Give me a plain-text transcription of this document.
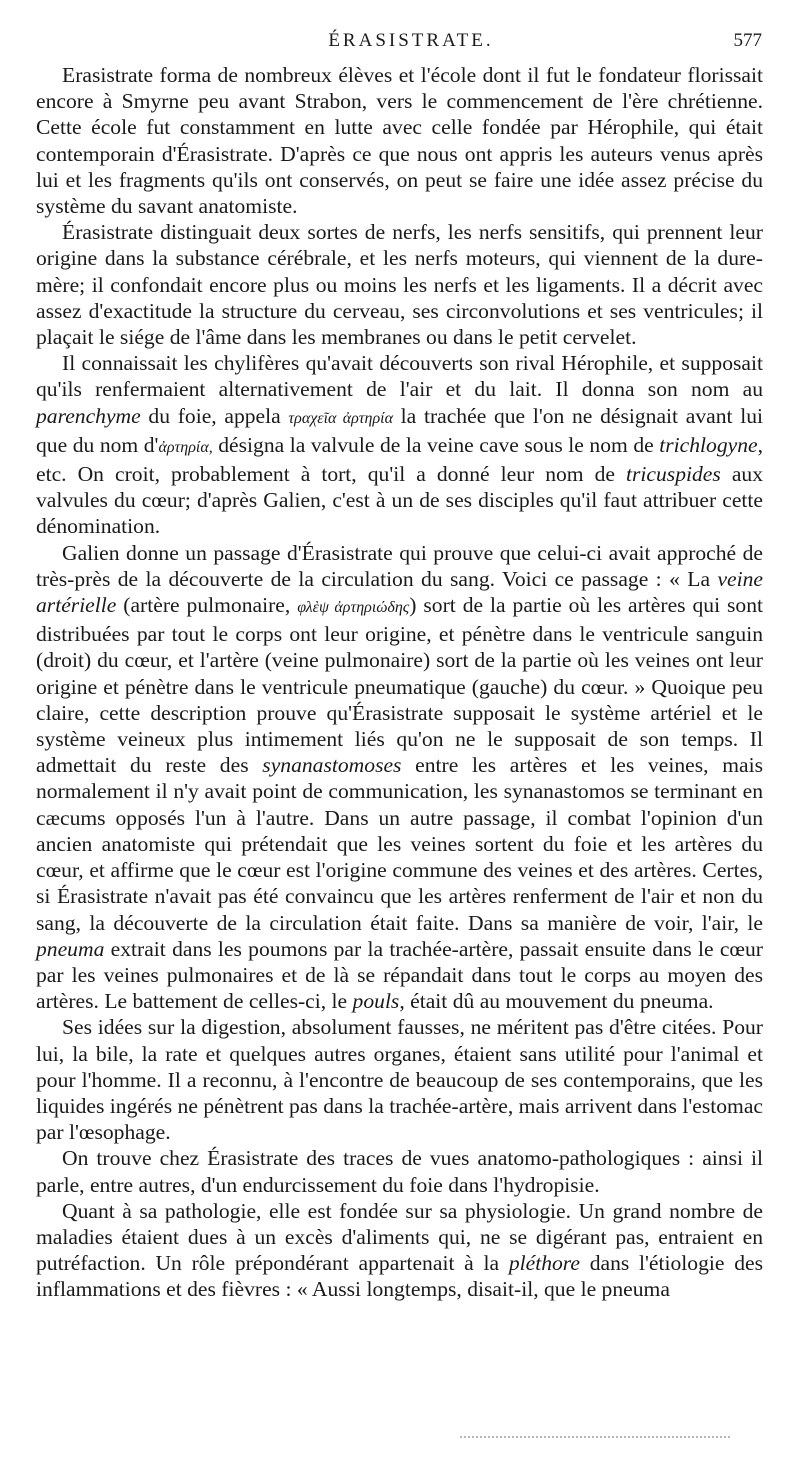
ÉRASISTRATE.	577

Erasistrate forma de nombreux élèves et l'école dont il fut le fondateur florissait encore à Smyrne peu avant Strabon, vers le commencement de l'ère chrétienne. Cette école fut constamment en lutte avec celle fondée par Hérophile, qui était contemporain d'Érasistrate. D'après ce que nous ont appris les auteurs venus après lui et les fragments qu'ils ont conservés, on peut se faire une idée assez précise du système du savant anatomiste.

Érasistrate distinguait deux sortes de nerfs, les nerfs sensitifs, qui prennent leur origine dans la substance cérébrale, et les nerfs moteurs, qui viennent de la dure-mère; il confondait encore plus ou moins les nerfs et les ligaments. Il a décrit avec assez d'exactitude la structure du cerveau, ses circonvolutions et ses ventricules; il plaçait le siége de l'âme dans les membranes ou dans le petit cervelet.

Il connaissait les chylifères qu'avait découverts son rival Hérophile, et supposait qu'ils renfermaient alternativement de l'air et du lait. Il donna son nom au parenchyme du foie, appela τραχεῖα ἀρτηρία la trachée que l'on ne désignait avant lui que du nom d'ἀρτηρία, désigna la valvule de la veine cave sous le nom de trichlogyne, etc. On croit, probablement à tort, qu'il a donné leur nom de tricuspides aux valvules du cœur; d'après Galien, c'est à un de ses disciples qu'il faut attribuer cette dénomination.

Galien donne un passage d'Érasistrate qui prouve que celui-ci avait approché de très-près de la découverte de la circulation du sang. Voici ce passage : « La veine artérielle (artère pulmonaire, φλὲψ ἀρτηριώδης) sort de la partie où les artères qui sont distribuées par tout le corps ont leur origine, et pénètre dans le ventricule sanguin (droit) du cœur, et l'artère (veine pulmonaire) sort de la partie où les veines ont leur origine et pénètre dans le ventricule pneumatique (gauche) du cœur. » Quoique peu claire, cette description prouve qu'Érasistrate supposait le système artériel et le système veineux plus intimement liés qu'on ne le supposait de son temps. Il admettait du reste des synanastomoses entre les artères et les veines, mais normalement il n'y avait point de communication, les synanastomos se terminant en cæcums opposés l'un à l'autre. Dans un autre passage, il combat l'opinion d'un ancien anatomiste qui prétendait que les veines sortent du foie et les artères du cœur, et affirme que le cœur est l'origine commune des veines et des artères. Certes, si Érasistrate n'avait pas été convaincu que les artères renferment de l'air et non du sang, la découverte de la circulation était faite. Dans sa manière de voir, l'air, le pneuma extrait dans les poumons par la trachée-artère, passait ensuite dans le cœur par les veines pulmonaires et de là se répandait dans tout le corps au moyen des artères. Le battement de celles-ci, le pouls, était dû au mouvement du pneuma.

Ses idées sur la digestion, absolument fausses, ne méritent pas d'être citées. Pour lui, la bile, la rate et quelques autres organes, étaient sans utilité pour l'animal et pour l'homme. Il a reconnu, à l'encontre de beaucoup de ses contemporains, que les liquides ingérés ne pénètrent pas dans la trachée-artère, mais arrivent dans l'estomac par l'œsophage.

On trouve chez Érasistrate des traces de vues anatomo-pathologiques : ainsi il parle, entre autres, d'un endurcissement du foie dans l'hydropisie.

Quant à sa pathologie, elle est fondée sur sa physiologie. Un grand nombre de maladies étaient dues à un excès d'aliments qui, ne se digérant pas, entraient en putréfaction. Un rôle prépondérant appartenait à la pléthore dans l'étiologie des inflammations et des fièvres : « Aussi longtemps, disait-il, que le pneuma
